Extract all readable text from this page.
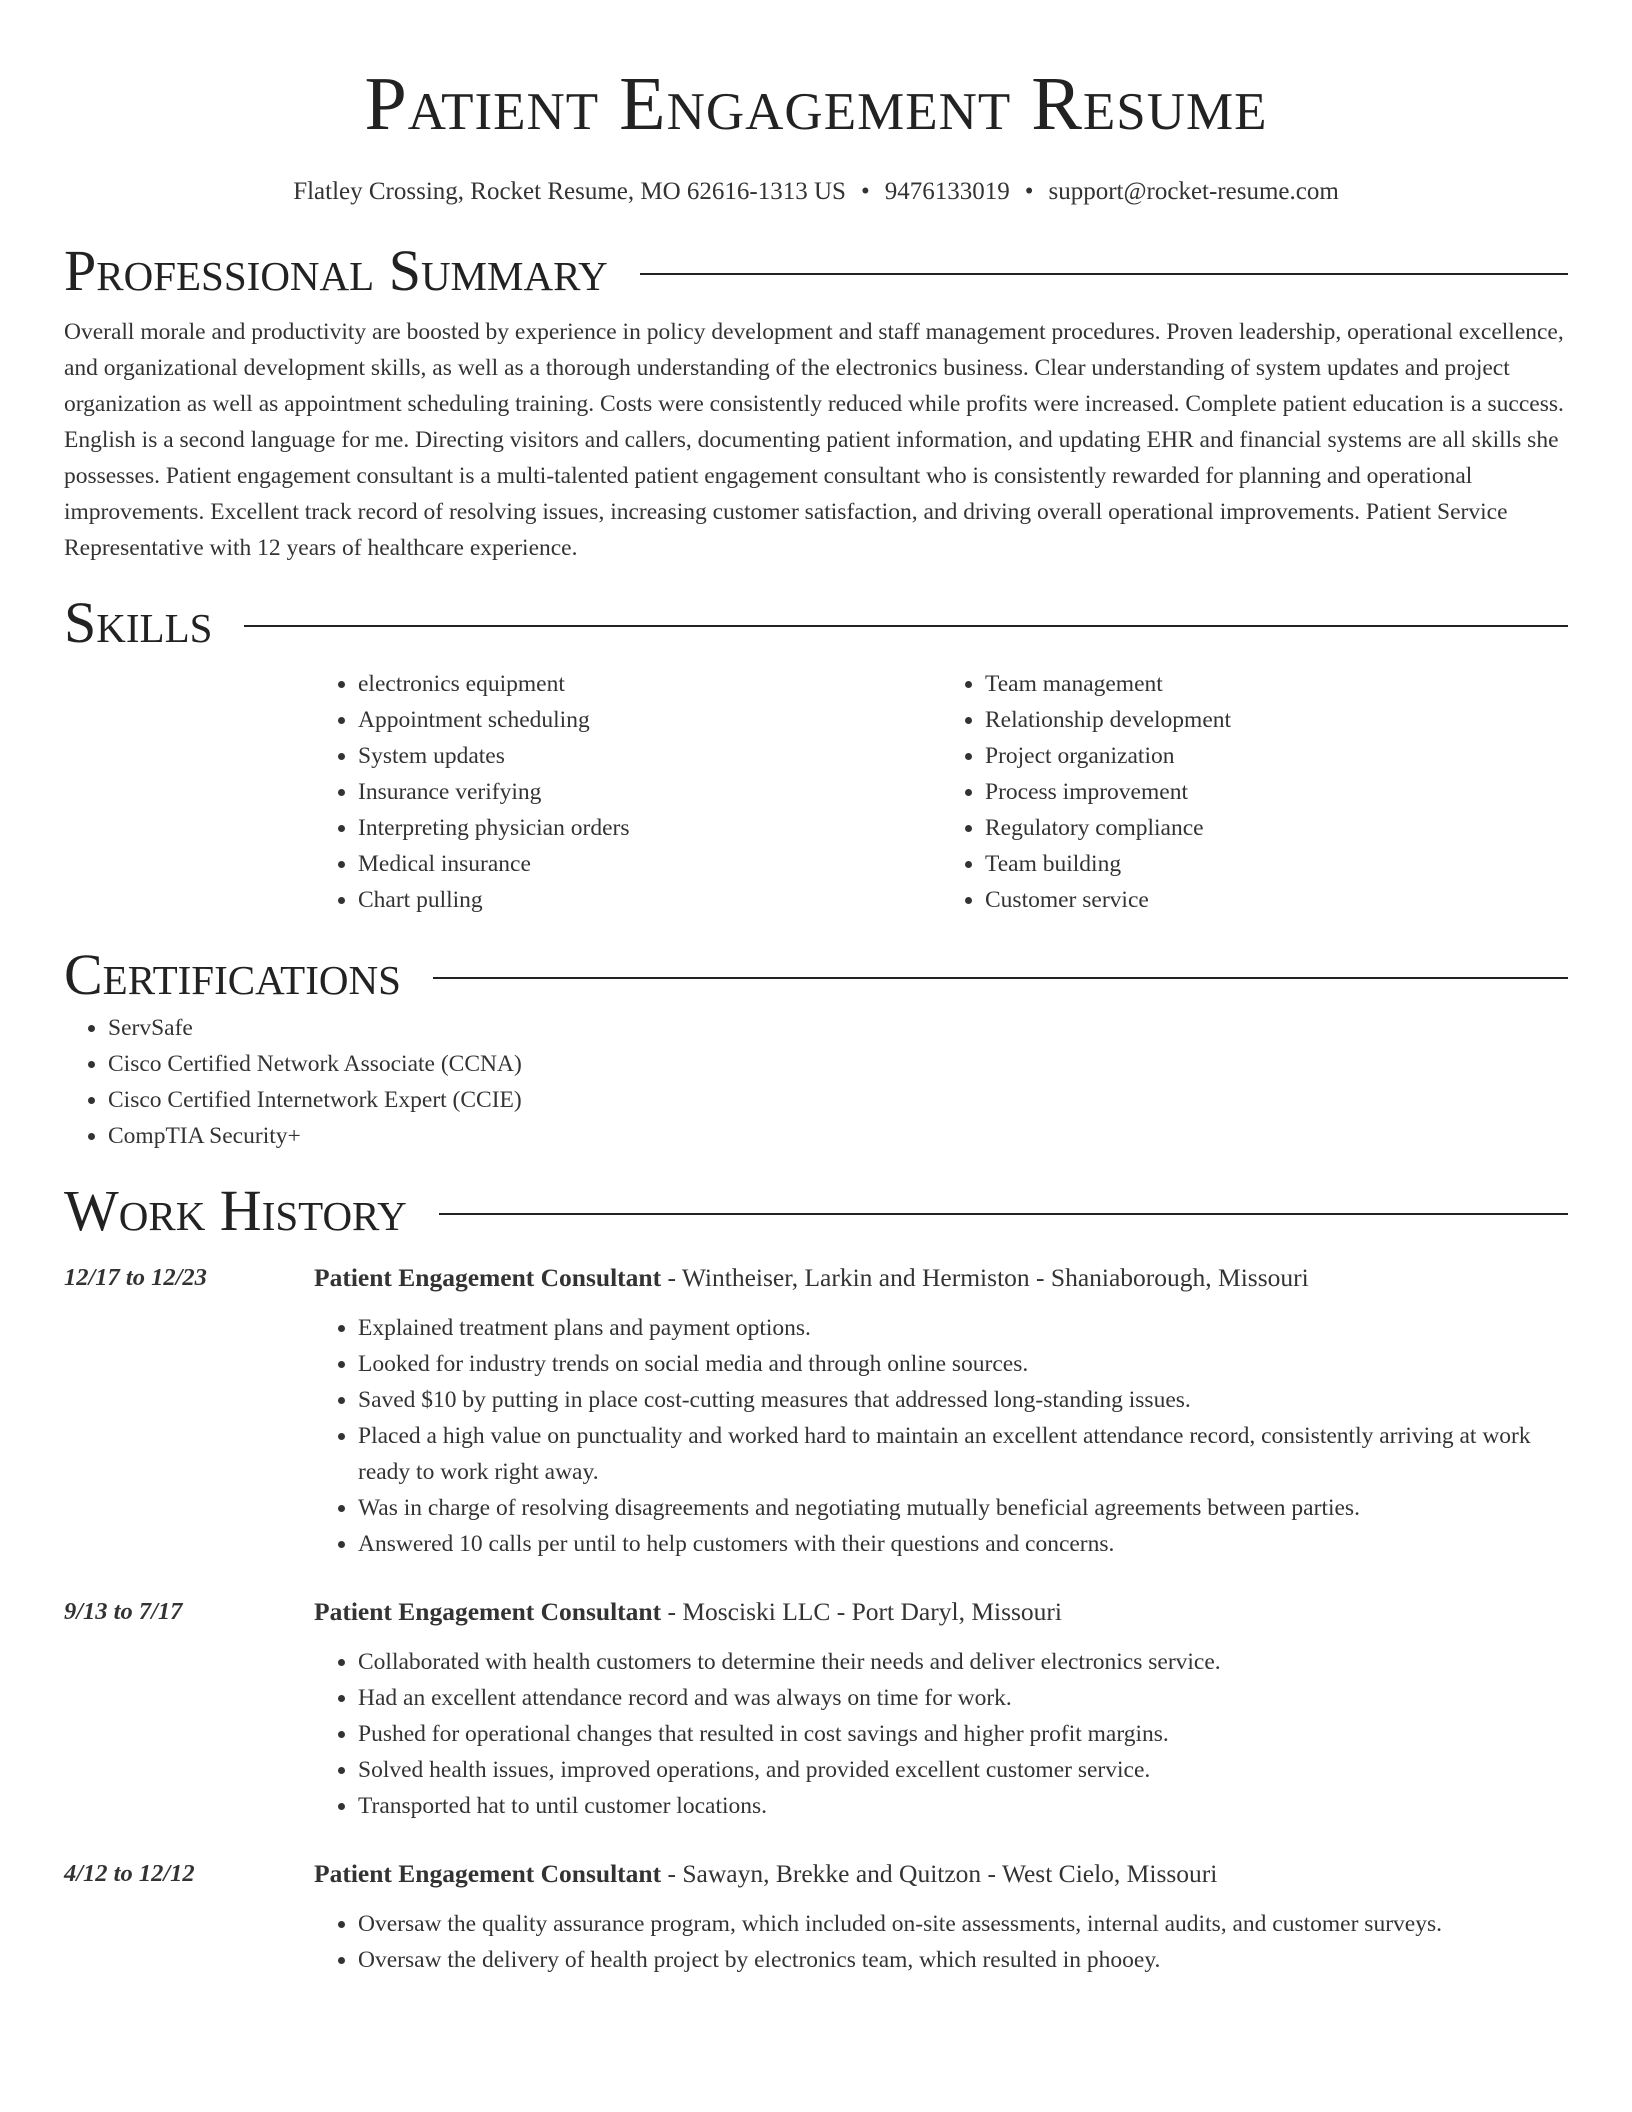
Patient Engagement Resume
Flatley Crossing, Rocket Resume, MO 62616-1313 US • 9476133019 • support@rocket-resume.com
Professional Summary

Overall morale and productivity are boosted by experience in policy development and staff management procedures. Proven leadership, operational excellence, and organizational development skills, as well as a thorough understanding of the electronics business. Clear understanding of system updates and project organization as well as appointment scheduling training. Costs were consistently reduced while profits were increased. Complete patient education is a success. English is a second language for me. Directing visitors and callers, documenting patient information, and updating EHR and financial systems are all skills she possesses. Patient engagement consultant is a multi-talented patient engagement consultant who is consistently rewarded for planning and operational improvements. Excellent track record of resolving issues, increasing customer satisfaction, and driving overall operational improvements. Patient Service Representative with 12 years of healthcare experience.

Skills
• electronics equipment
• Appointment scheduling
• System updates
• Insurance verifying
• Interpreting physician orders
• Medical insurance
• Chart pulling
• Team management
• Relationship development
• Project organization
• Process improvement
• Regulatory compliance
• Team building
• Customer service
Certifications
• ServSafe
• Cisco Certified Network Associate (CCNA)
• Cisco Certified Internetwork Expert (CCIE)
• CompTIA Security+
Work History
12/17 to 12/23	Patient Engagement Consultant - Wintheiser, Larkin and Hermiston - Shaniaborough, Missouri
• Explained treatment plans and payment options.
• Looked for industry trends on social media and through online sources.
• Saved $10 by putting in place cost-cutting measures that addressed long-standing issues.
• Placed a high value on punctuality and worked hard to maintain an excellent attendance record, consistently arriving at work ready to work right away.
• Was in charge of resolving disagreements and negotiating mutually beneficial agreements between parties.
• Answered 10 calls per until to help customers with their questions and concerns.
9/13 to 7/17	Patient Engagement Consultant - Mosciski LLC - Port Daryl, Missouri
• Collaborated with health customers to determine their needs and deliver electronics service.
• Had an excellent attendance record and was always on time for work.
• Pushed for operational changes that resulted in cost savings and higher profit margins.
• Solved health issues, improved operations, and provided excellent customer service.
• Transported hat to until customer locations.
4/12 to 12/12	Patient Engagement Consultant - Sawayn, Brekke and Quitzon - West Cielo, Missouri
• Oversaw the quality assurance program, which included on-site assessments, internal audits, and customer surveys.
• Oversaw the delivery of health project by electronics team, which resulted in phooey.
